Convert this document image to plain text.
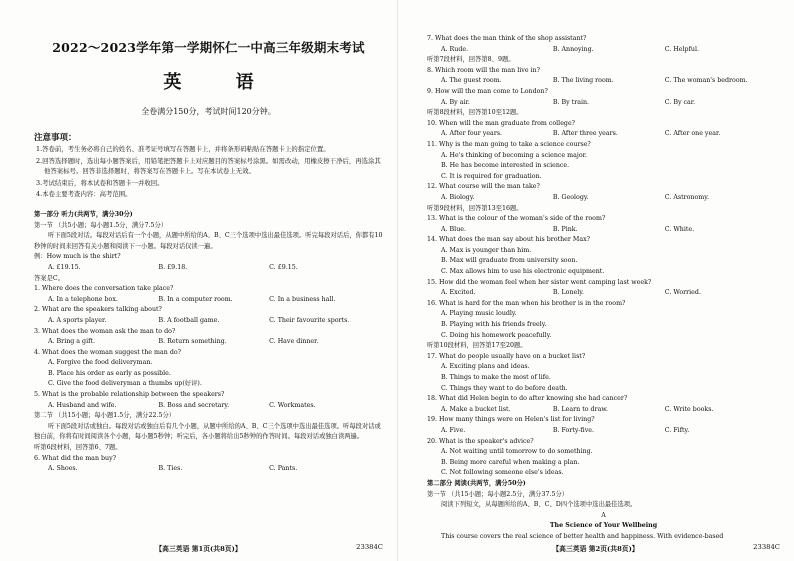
2022～2023学年第一学期怀仁一中高三年级期末考试
英 语
全卷满分150分，考试时间120分钟。
注意事项：
1.答卷前，考生务必将自己的姓名、准考证号填写在答题卡上，并将条形码粘贴在答题卡上的指定位置。
2.回答选择题时，选出每小题答案后，用铅笔把答题卡上对应题目的答案标号涂黑。如需改动，用橡皮擦干净后，再选涂其他答案标号。回答非选择题时，将答案写在答题卡上。写在本试卷上无效。
3.考试结束后，将本试卷和答题卡一并收回。
4.本卷主要考查内容：高考范围。
第一部分 听力(共两节，满分30分)
第一节 （共5小题；每小题1.5分，满分7.5分）
听下面5段对话。每段对话后有一个小题，从题中所给的A、B、C三个选项中选出最佳选项。听完每段对话后，你都有10秒钟的时间来回答有关小题和阅读下一小题。每段对话仅读一遍。
例：How much is the shirt?
A. £19.15.	B. £9.18.	C. £9.15.
答案是C。
1. Where does the conversation take place?
A. In a telephone box.	B. In a computer room.	C. In a business hall.
2. What are the speakers talking about?
A. A sports player.	B. A football game.	C. Their favourite sports.
3. What does the woman ask the man to do?
A. Bring a gift.	B. Return something.	C. Have dinner.
4. What does the woman suggest the man do?
A. Forgive the food deliveryman.
B. Place his order as early as possible.
C. Give the food deliveryman a thumbs up(好评).
5. What is the probable relationship between the speakers?
A. Husband and wife.	B. Boss and secretary.	C. Workmates.
第二节 （共15小题；每小题1.5分，满分22.5分）
听下面5段对话或独白。每段对话或独白后有几个小题，从题中所给的A、B、C三个选项中选出最佳选项。听每段对话或独白前，你将有时间阅读各个小题，每小题5秒钟；听完后，各小题将给出5秒钟的作答时间。每段对话或独白读两遍。
听第6段材料，回答第6、7题。
6. What did the man buy?
A. Shoes.	B. Ties.	C. Pants.
【高三英语 第1页(共8页)】	23384C
7. What does the man think of the shop assistant?
A. Rude.	B. Annoying.	C. Helpful.
听第7段材料，回答第8、9题。
8. Which room will the man live in?
A. The guest room.	B. The living room.	C. The woman's bedroom.
9. How will the man come to London?
A. By air.	B. By train.	C. By car.
听第8段材料，回答第10至12题。
10. When will the man graduate from college?
A. After four years.	B. After three years.	C. After one year.
11. Why is the man going to take a science course?
A. He's thinking of becoming a science major.
B. He has become interested in science.
C. It is required for graduation.
12. What course will the man take?
A. Biology.	B. Geology.	C. Astronomy.
听第9段材料，回答第13至16题。
13. What is the colour of the woman's side of the room?
A. Blue.	B. Pink.	C. White.
14. What does the man say about his brother Max?
A. Max is younger than him.
B. Max will graduate from university soon.
C. Max allows him to use his electronic equipment.
15. How did the woman feel when her sister went camping last week?
A. Excited.	B. Lonely.	C. Worried.
16. What is hard for the man when his brother is in the room?
A. Playing music loudly.
B. Playing with his friends freely.
C. Doing his homework peacefully.
听第10段材料，回答第17至20题。
17. What do people usually have on a bucket list?
A. Exciting plans and ideas.
B. Things to make the most of life.
C. Things they want to do before death.
18. What did Helen begin to do after knowing she had cancer?
A. Make a bucket list.	B. Learn to draw.	C. Write books.
19. How many things were on Helen's list for living?
A. Five.	B. Forty-five.	C. Fifty.
20. What is the speaker's advice?
A. Not waiting until tomorrow to do something.
B. Being more careful when making a plan.
C. Not following someone else's ideas.
第二部分 阅读(共两节，满分50分)
第一节 （共15小题；每小题2.5分，满分37.5分）
阅读下列短文，从每题所给的A、B、C、D四个选项中选出最佳选项。
A
The Science of Your Wellbeing
This course covers the real science of better health and happiness. With evidence-based
【高三英语 第2页(共8页)】	23384C
